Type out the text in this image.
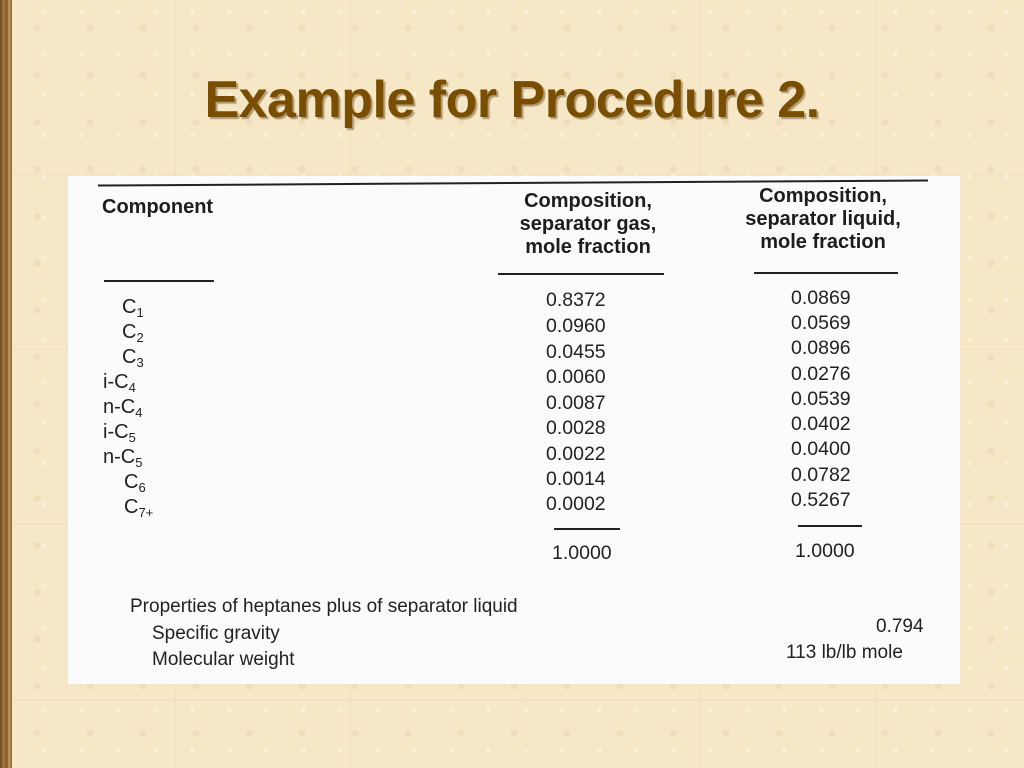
Example for Procedure 2.
Component	Composition,
separator gas,
mole fraction
Composition,
separator liquid,
mole fraction
$C_1$
$C_2$
$C_3$
$i-C_4$
$n-C_4$
$i-C_5$
$n-C_5$
$C_6$
$C_{7+}$
0.8372
0.0960
0.0455
0.0060
0.0087
0.0028
0.0022
0.0014
0.0002
0.0869
0.0569
0.0896
0.0276
0.0539
0.0402
0.0400
0.0782
0.5267
1.0000	1.0000
Properties of heptanes plus of separator liquid
Specific gravity
Molecular weight
0.794
113 lb/lb mole
